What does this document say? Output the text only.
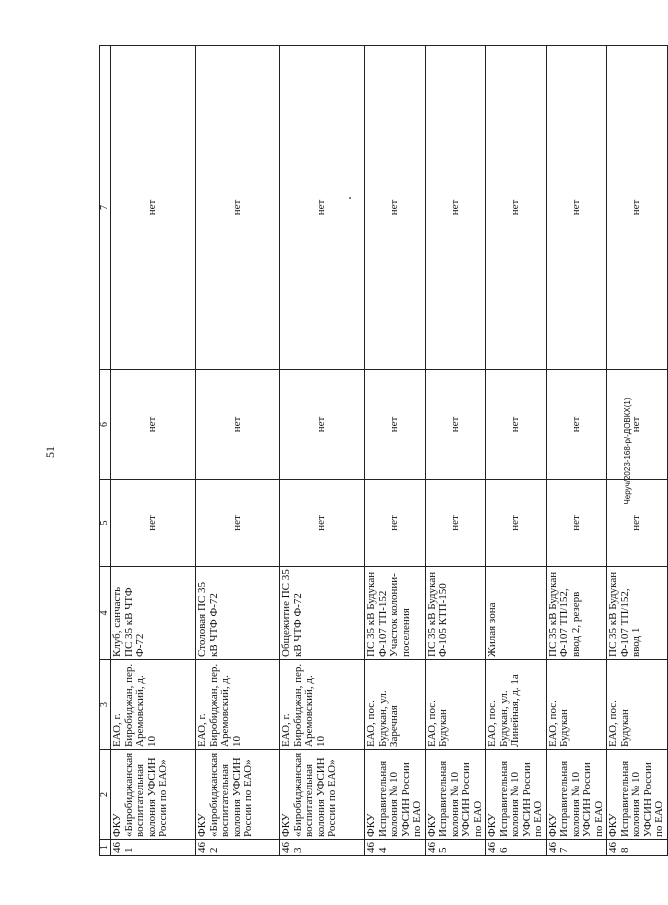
51	Черуч/2023-168-р/-ДОВКХ(1)
1	2	3	4	5	6	7
461	ФКУ «Биробиджанская воспитательная колония УФСИН России по ЕАО»	ЕАО, г. Биробиджан, пер. Аремовский, д. 10	Клуб, санчасть ПС 35 кВ ЧТФ Ф-72	нет	нет	нет
462	ФКУ «Биробиджанская воспитательная колония УФСИН России по ЕАО»	ЕАО, г. Биробиджан, пер. Аремовский, д. 10	Столовая ПС 35 кВ ЧТФ Ф-72	нет	нет	нет
463	ФКУ «Биробиджанская воспитательная колония УФСИН России по ЕАО»	ЕАО, г. Биробиджан, пер. Аремовский, д. 10	Общежитие ПС 35 кВ ЧТФ Ф-72	нет	нет	нет
464	ФКУ Исправительная колония № 10 УФСИН России по ЕАО	ЕАО, пос. Будукан, ул. Заречная	ПС 35 кВ Будукан Ф-107 ТП-152 Участок колонии-поселения	нет	нет	нет
465	ФКУ Исправительная колония № 10 УФСИН России по ЕАО	ЕАО, пос. Будукан	ПС 35 кВ Будукан Ф-105 КТП-150	нет	нет	нет
466	ФКУ Исправительная колония № 10 УФСИН России по ЕАО	ЕАО, пос. Будукан, ул. Линейная, д. 1а	Жилая зона	нет	нет	нет
467	ФКУ Исправительная колония № 10 УФСИН России по ЕАО	ЕАО, пос. Будукан	ПС 35 кВ Будукан Ф-107 ТП/152, ввод 2, резерв	нет	нет	нет
468	ФКУ Исправительная колония № 10 УФСИН России по ЕАО	ЕАО, пос. Будукан	ПС 35 кВ Будукан Ф-107 ТП/152, ввод 1	нет	нет	нет
